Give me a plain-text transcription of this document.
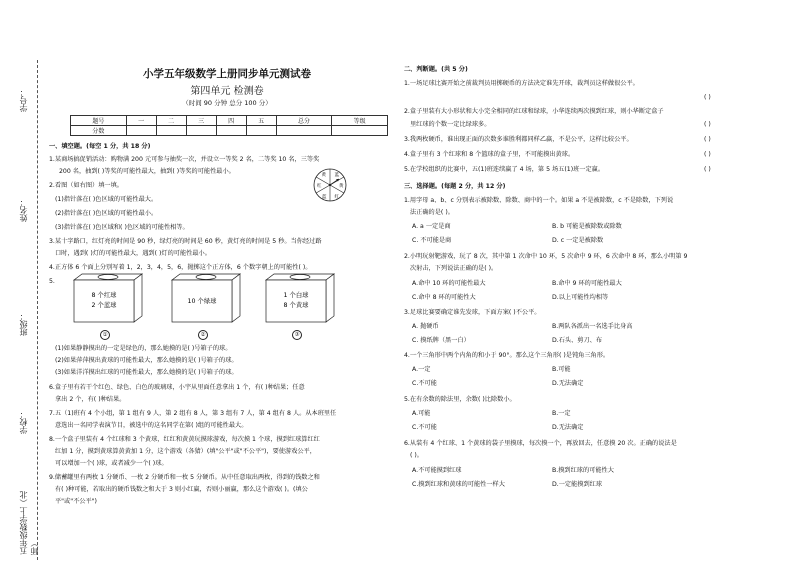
学号：
姓名：
班级：
学校：
五年级数学上（北师）
小学五年级数学上册同步单元测试卷
第四单元 检测卷
（时间 90 分钟 总分 100 分）
题号	一	二	三	四	五	总分	等级
分数							
一、填空题。(每空 1 分，共 18 分)
1.某商场搞促销活动：购物满 200 元可参与抽奖一次，并设立一等奖 2 名，二等奖 10 名，三等奖
200 名，抽到( )等奖的可能性最大，抽到( )等奖的可能性最小。
2.看图（如右图）填一填。
(1)指针落在( )色区域的可能性最大。
(2)指针落在( )色区域的可能性最小。
(3)指针落在( )色区域和( )色区域的可能性相等。
3.某十字路口，红灯亮的时间是 90 秒，绿灯亮的时间是 60 秒，黄灯亮的时间是 5 秒。当你经过路
口时，遇到( )灯的可能性最大，遇到( )灯的可能性最小。
4.正方体 6 个面上分别写着 1，2，3，4，5，6，抛掷这个正方体，6 个数字朝上的可能性( )。
5.
蓝
黄
红
蓝
红
黄
8 个红球
2 个蓝球
10 个绿球
1 个白球
8 个黄球
①	②	③
(1)如果静静摸出的一定是绿色的，那么她摸的是( )号箱子的球。
(2)如果萍萍摸出黄球的可能性最大，那么她摸的是( )号箱子的球。
(3)如果洋洋摸出红球的可能性最大，那么她摸的是( )号箱子的球。
6.盒子里有若干个红色、绿色、白色的玻璃球，小宇从里面任意拿出 1 个，有( )种结果；任意
拿出 2 个，有( )种结果。
7.五（1)班有 4 个小组，第 1 组有 9 人，第 2 组有 8 人，第 3 组有 7 人，第 4 组有 8 人。从本班里任
意选出一名同学表演节目，被选中的这名同学在第( )组的可能性最大。
8.一个盒子里装有 4 个红球和 3 个黄球，红红和黄黄玩摸球游戏，每次摸 1 个球，摸到红球算红红
红加 1 分，摸到黄球算黄黄加 1 分，这个游戏（各猜）(填"公平"或"不公平")，要使游戏公平，
可以增加一个( )球，或者减少一个( )球。
9.储蓄罐里有两枚 1 分硬币、一枚 2 分硬币和一枚 5 分硬币。从中任意取出两枚，得到的钱数之和
有( )种可能，若取出的硬币钱数之和大于 3 则小红赢，否则小丽赢，那么这个游戏( )。(填公
平"或"不公平")
二、判断题。(共 5 分)
1.一场足球比赛开始之前裁判员用掷硬币的方法决定谁先开球，裁判员这样做很公平。
( )
2.盒子里装有大小形状和大小完全相同的红球和绿球，小华连续两次摸到红球，则小华断定盒子
里红球的个数一定比绿球多。	( )
3.我两枚硬币，谁出现正面的次数多谁胜利都同样乙赢，不是公平，这样比较公平。	( )
4.盒子里有 3 个红球和 8 个篮球的盒子里，不可能摸出黄球。	( )
5.在学校组织的比赛中，五(1)班连续赢了 4 场，第 5 场五(1)班一定赢。	( )
三、选择题。(每题 2 分，共 12 分)
1.用字母 a、b、c 分别表示被除数、除数、商中的一个。如果 a 不是被除数，c 不是除数，下列说
法正确的是( )。
A. a 一定是商	B. b 可能是被除数或除数
C. 不可能是商	D. c 一定是被除数
2.小明玩射靶游戏，玩了 8 次，其中第 1 次命中 10 环，5 次命中 9 环，6 次命中 8 环，那么小明第 9
次射击，下列说法正确的是( )。
A.命中 10 环的可能性最大	B.命中 9 环的可能性最大
C.命中 8 环的可能性大	D.以上可能性均相等
3.足球比赛要确定谁先发球，下面方案( )不公平。
A. 抛硬币	B.两队各派出一名选手比身高
C. 摸纸牌（黑一白）	D.石头、剪刀、布
4.一个三角形中两个内角的和小于 90°。那么这个三角形( )是钝角三角形。
A.一定	B.可能
C.不可能	D.无法确定
5.在有余数的除法里，余数( )比除数小。
A.可能	B.一定
C.不可能	D.无法确定
6.从装有 4 个红球、1 个黄球的袋子里摸球，每次摸一个，再放回去，任意摸 20 次。正确的说法是
( )。
A.不可能摸到红球	B.摸到红球的可能性大
C.摸到红球和黄球的可能性一样大	D.一定能摸到红球
